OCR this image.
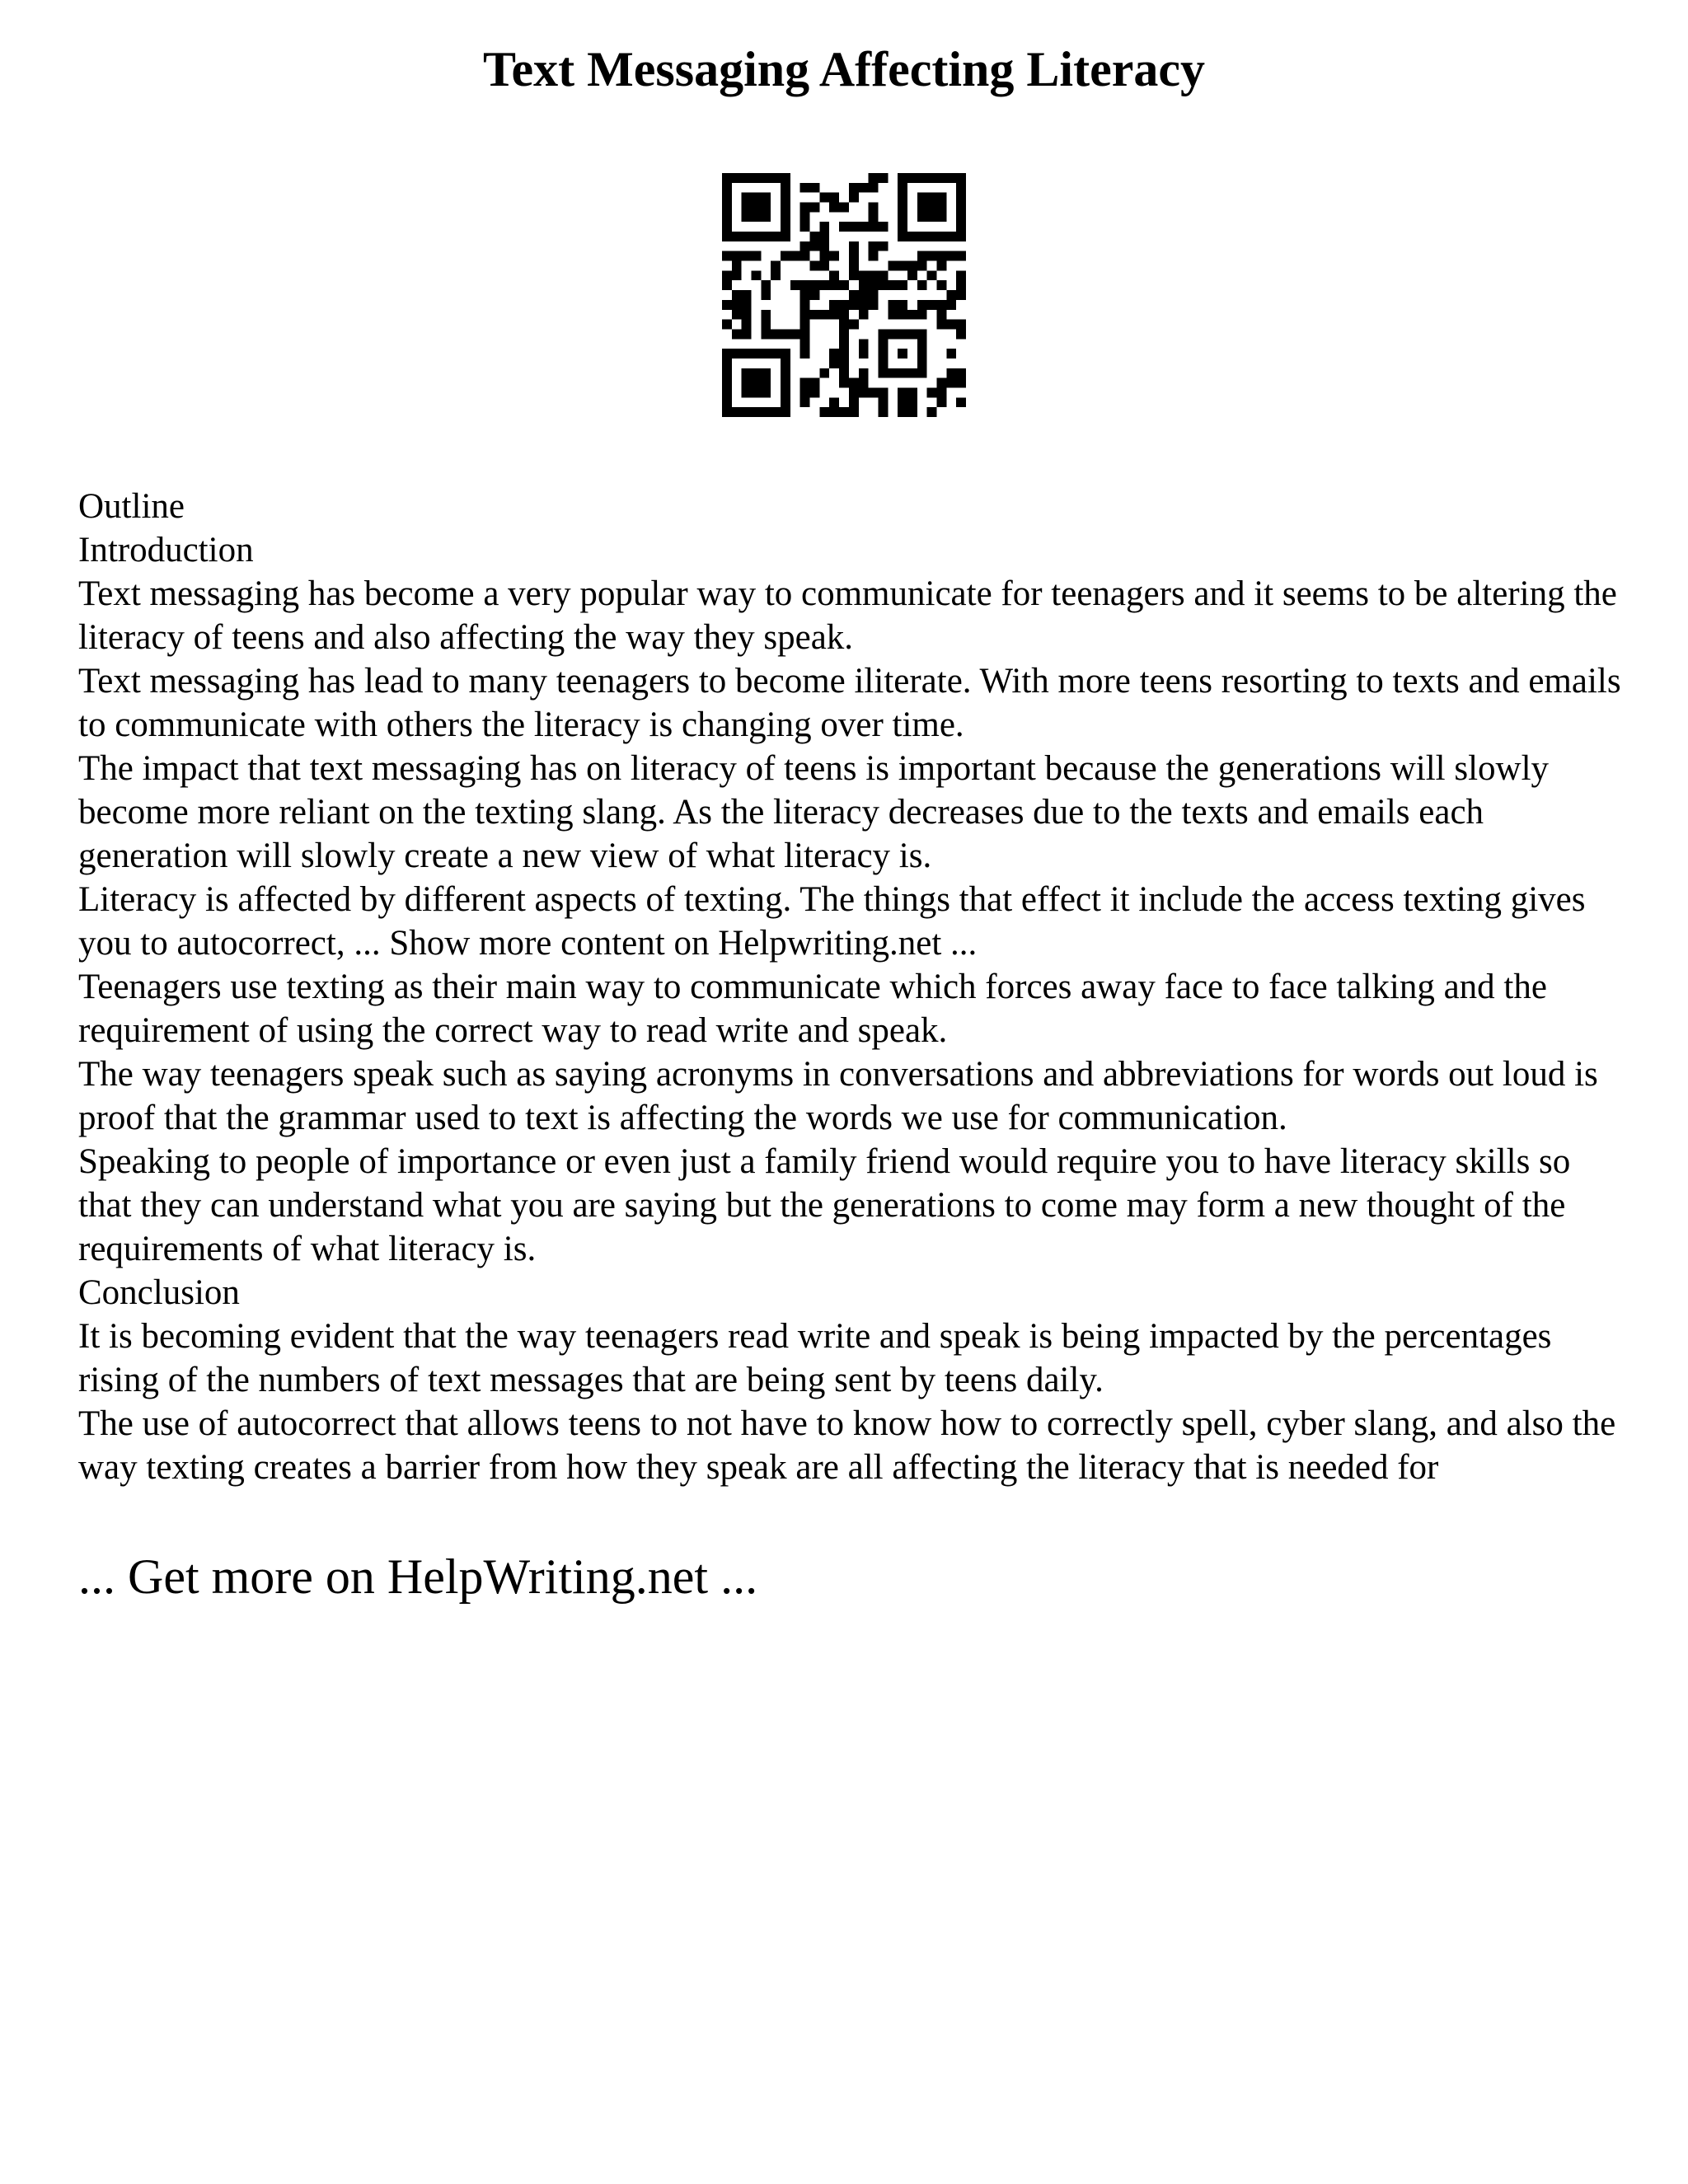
Text Messaging Affecting Literacy

Outline

Introduction

Text messaging has become a very popular way to communicate for teenagers and it seems to be altering the literacy of teens and also affecting the way they speak.

Text messaging has lead to many teenagers to become iliterate. With more teens resorting to texts and emails to communicate with others the literacy is changing over time.

The impact that text messaging has on literacy of teens is important because the generations will slowly become more reliant on the texting slang. As the literacy decreases due to the texts and emails each generation will slowly create a new view of what literacy is.

Literacy is affected by different aspects of texting. The things that effect it include the access texting gives you to autocorrect, ... Show more content on Helpwriting.net ...

Teenagers use texting as their main way to communicate which forces away face to face talking and the requirement of using the correct way to read write and speak.

The way teenagers speak such as saying acronyms in conversations and abbreviations for words out loud is proof that the grammar used to text is affecting the words we use for communication.

Speaking to people of importance or even just a family friend would require you to have literacy skills so that they can understand what you are saying but the generations to come may form a new thought of the requirements of what literacy is.

Conclusion

It is becoming evident that the way teenagers read write and speak is being impacted by the percentages rising of the numbers of text messages that are being sent by teens daily.

The use of autocorrect that allows teens to not have to know how to correctly spell, cyber slang, and also the way texting creates a barrier from how they speak are all affecting the literacy that is needed for

... Get more on HelpWriting.net ...
